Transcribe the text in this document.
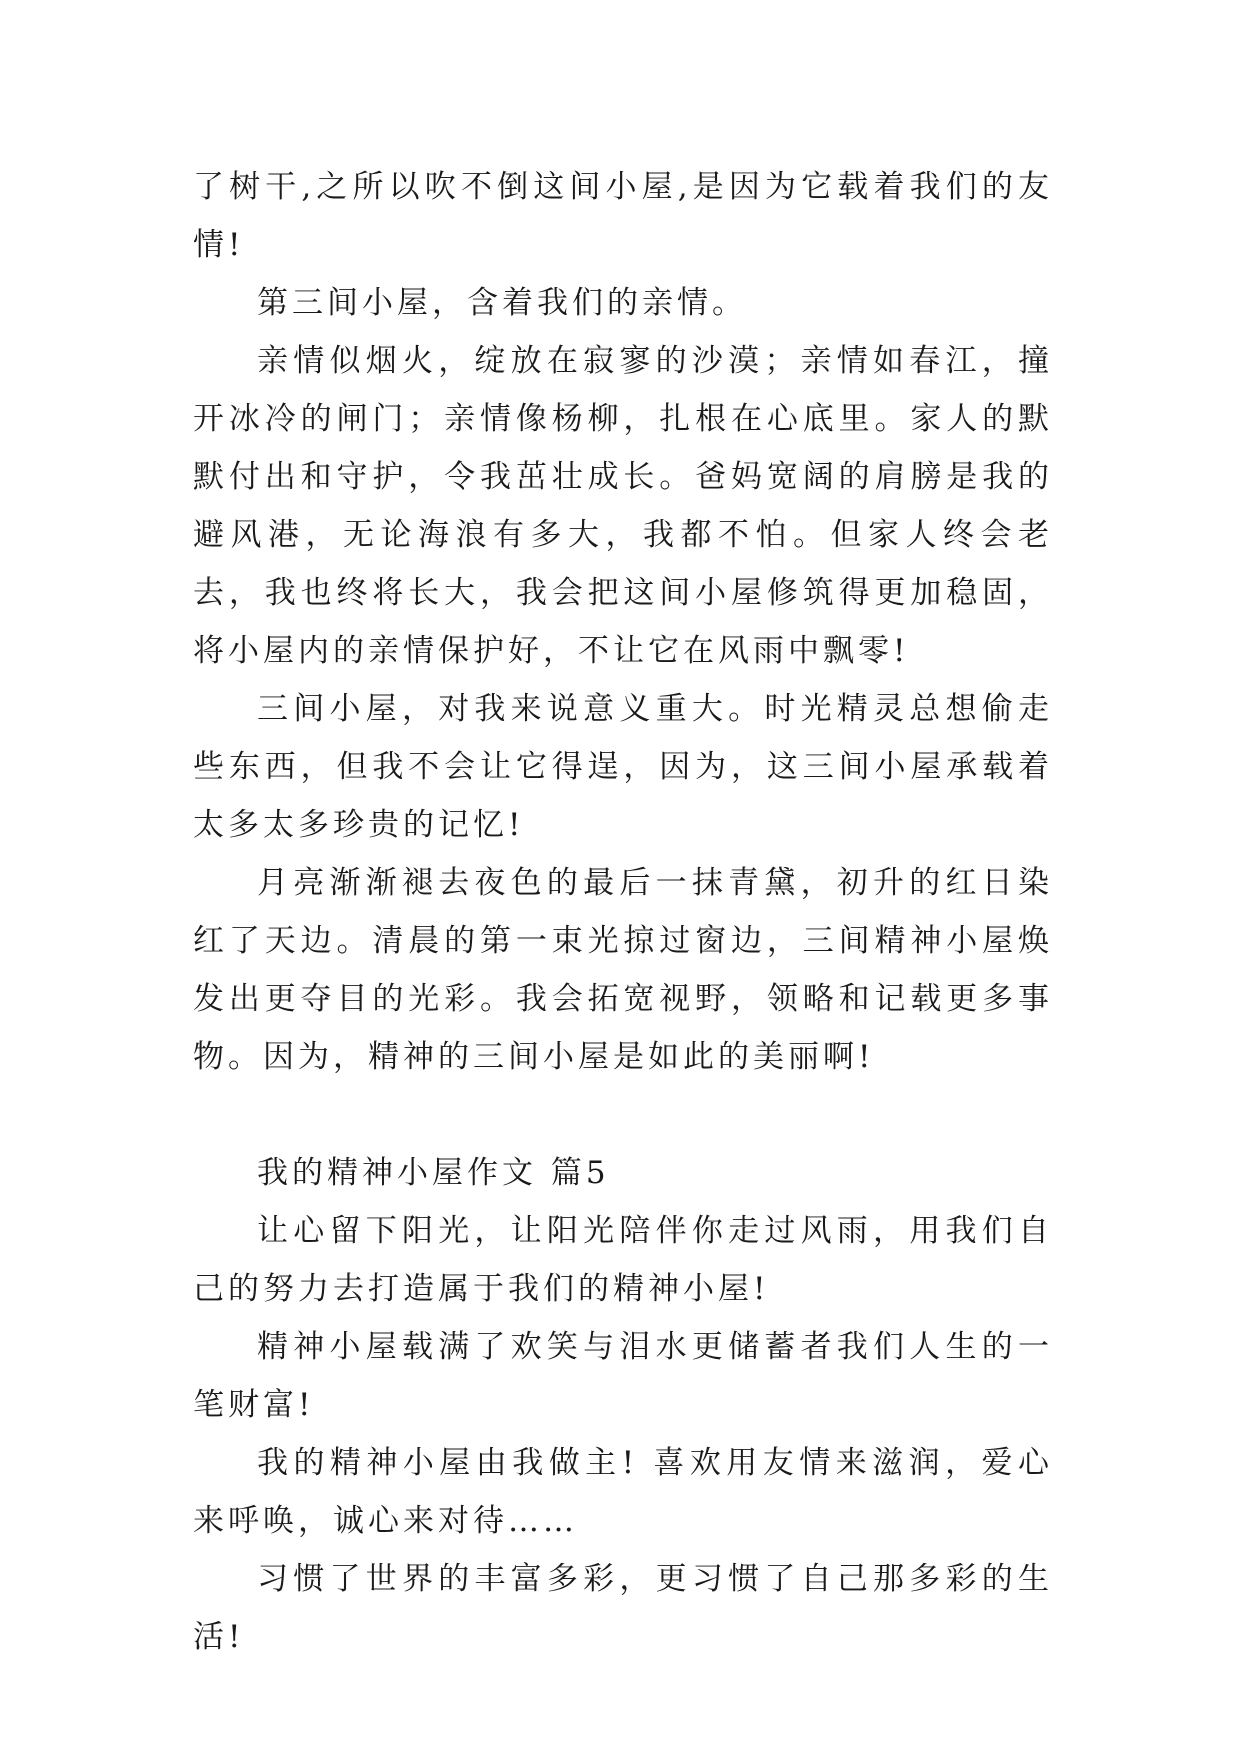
了树干,之所以吹不倒这间小屋,是因为它载着我们的友情!

第三间小屋，含着我们的亲情。

亲情似烟火，绽放在寂寥的沙漠；亲情如春江，撞开冰冷的闸门；亲情像杨柳，扎根在心底里。家人的默默付出和守护，令我茁壮成长。爸妈宽阔的肩膀是我的避风港，无论海浪有多大，我都不怕。但家人终会老去，我也终将长大，我会把这间小屋修筑得更加稳固，将小屋内的亲情保护好，不让它在风雨中飘零!

三间小屋，对我来说意义重大。时光精灵总想偷走些东西，但我不会让它得逞，因为，这三间小屋承载着太多太多珍贵的记忆!

月亮渐渐褪去夜色的最后一抹青黛，初升的红日染红了天边。清晨的第一束光掠过窗边，三间精神小屋焕发出更夺目的光彩。我会拓宽视野，领略和记载更多事物。因为，精神的三间小屋是如此的美丽啊!

我的精神小屋作文 篇5

让心留下阳光，让阳光陪伴你走过风雨，用我们自己的努力去打造属于我们的精神小屋!

精神小屋载满了欢笑与泪水更储蓄者我们人生的一笔财富!

我的精神小屋由我做主! 喜欢用友情来滋润，爱心来呼唤，诚心来对待……

习惯了世界的丰富多彩，更习惯了自己那多彩的生活!
